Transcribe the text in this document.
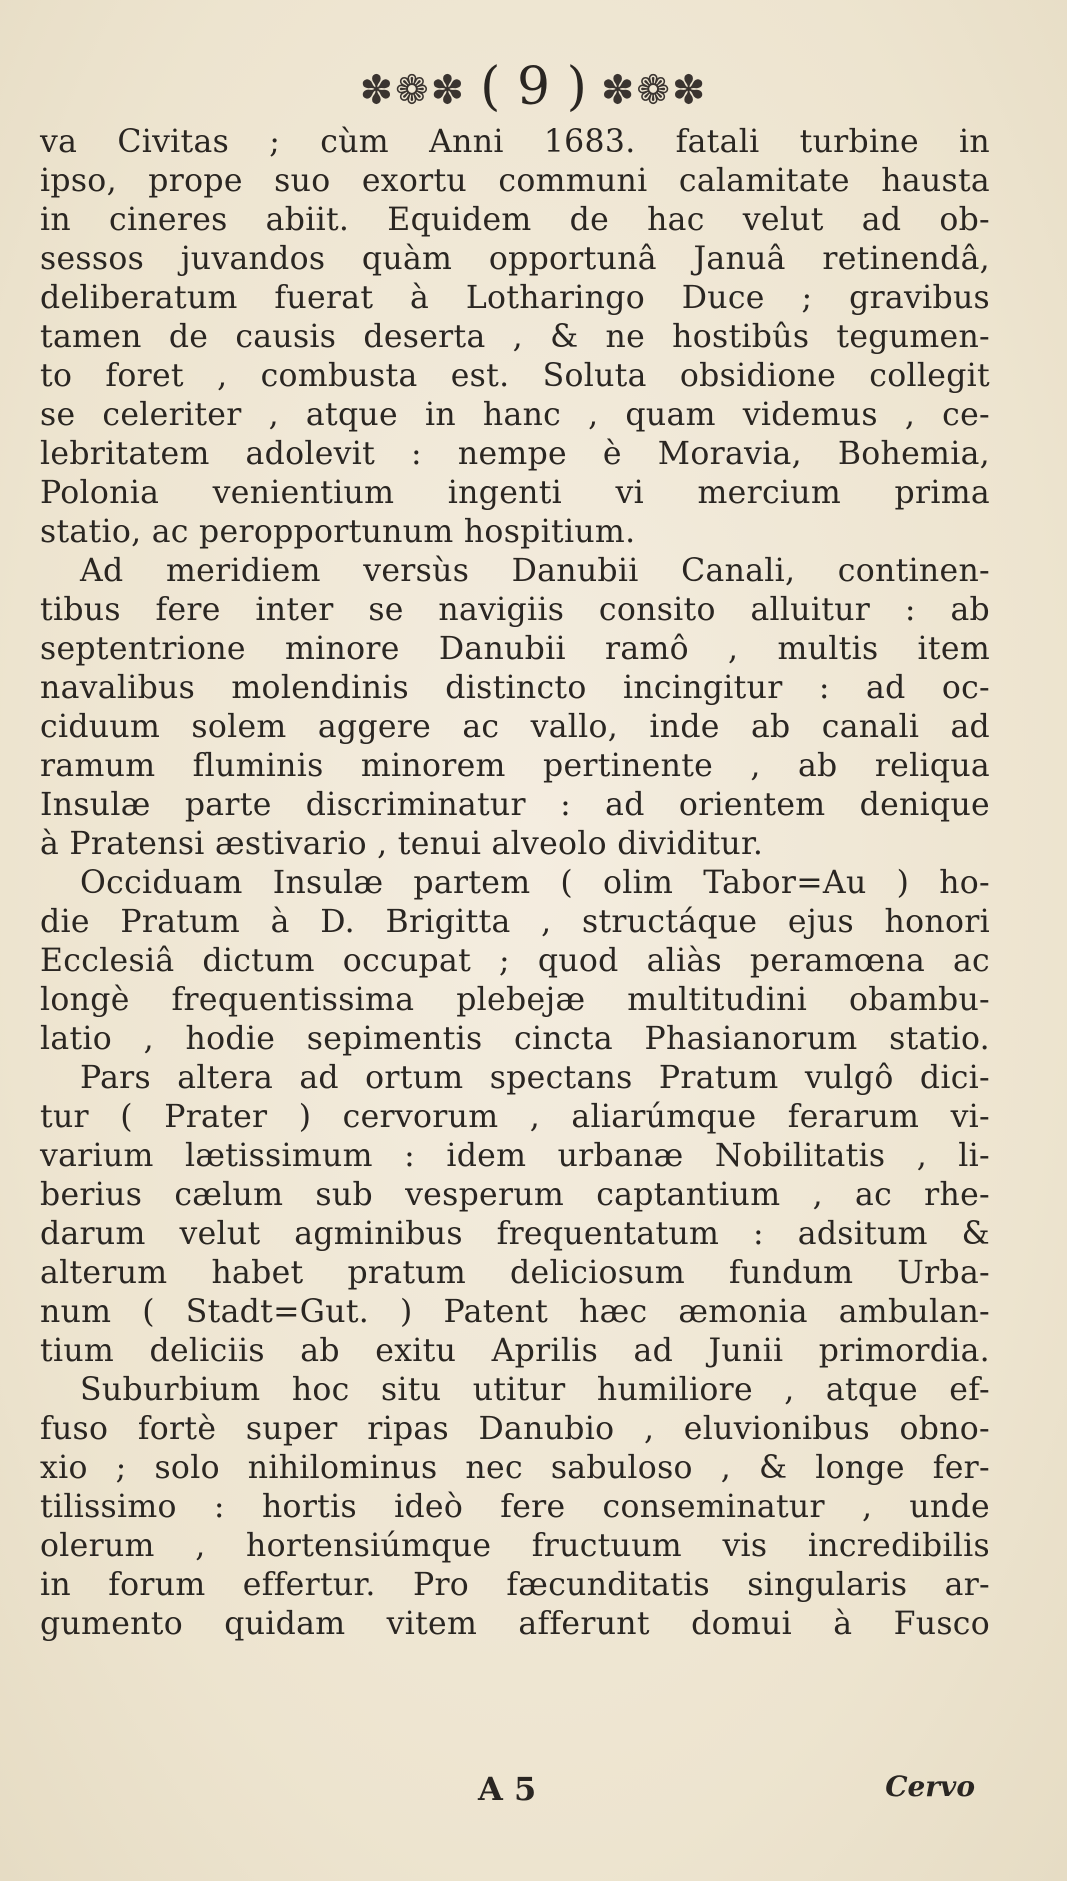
✽❁✽ ( 9 ) ✽❁✽
va Civitas ; cùm Anni 1683. fatali turbine in
ipso, prope suo exortu communi calamitate hausta
in cineres abiit. Equidem de hac velut ad ob-
sessos juvandos quàm opportunâ Januâ retinendâ,
deliberatum fuerat à Lotharingo Duce ; gravibus
tamen de causis deserta , & ne hostibûs tegumen-
to foret , combusta est. Soluta obsidione collegit
se celeriter , atque in hanc , quam videmus , ce-
lebritatem adolevit : nempe è Moravia, Bohemia,
Polonia venientium ingenti vi mercium prima
statio, ac peropportunum hospitium.
Ad meridiem versùs Danubii Canali, continen-
tibus fere inter se navigiis consito alluitur : ab
septentrione minore Danubii ramô , multis item
navalibus molendinis distincto incingitur : ad oc-
ciduum solem aggere ac vallo, inde ab canali ad
ramum fluminis minorem pertinente , ab reliqua
Insulæ parte discriminatur : ad orientem denique
à Pratensi æstivario , tenui alveolo dividitur.
Occiduam Insulæ partem ( olim Tabor=Au ) ho-
die Pratum à D. Brigitta , structáque ejus honori
Ecclesiâ dictum occupat ; quod aliàs peramœna ac
longè frequentissima plebejæ multitudini obambu-
latio , hodie sepimentis cincta Phasianorum statio.
Pars altera ad ortum spectans Pratum vulgô dici-
tur ( Prater ) cervorum , aliarúmque ferarum vi-
varium lætissimum : idem urbanæ Nobilitatis , li-
berius cælum sub vesperum captantium , ac rhe-
darum velut agminibus frequentatum : adsitum &
alterum habet pratum deliciosum fundum Urba-
num ( Stadt=Gut. ) Patent hæc æmonia ambulan-
tium deliciis ab exitu Aprilis ad Junii primordia.
Suburbium hoc situ utitur humiliore , atque ef-
fuso fortè super ripas Danubio , eluvionibus obno-
xio ; solo nihilominus nec sabuloso , & longe fer-
tilissimo : hortis ideò fere conseminatur , unde
olerum , hortensiúmque fructuum vis incredibilis
in forum effertur. Pro fæcunditatis singularis ar-
gumento quidam vitem afferunt domui à Fusco
A 5	Cervo
